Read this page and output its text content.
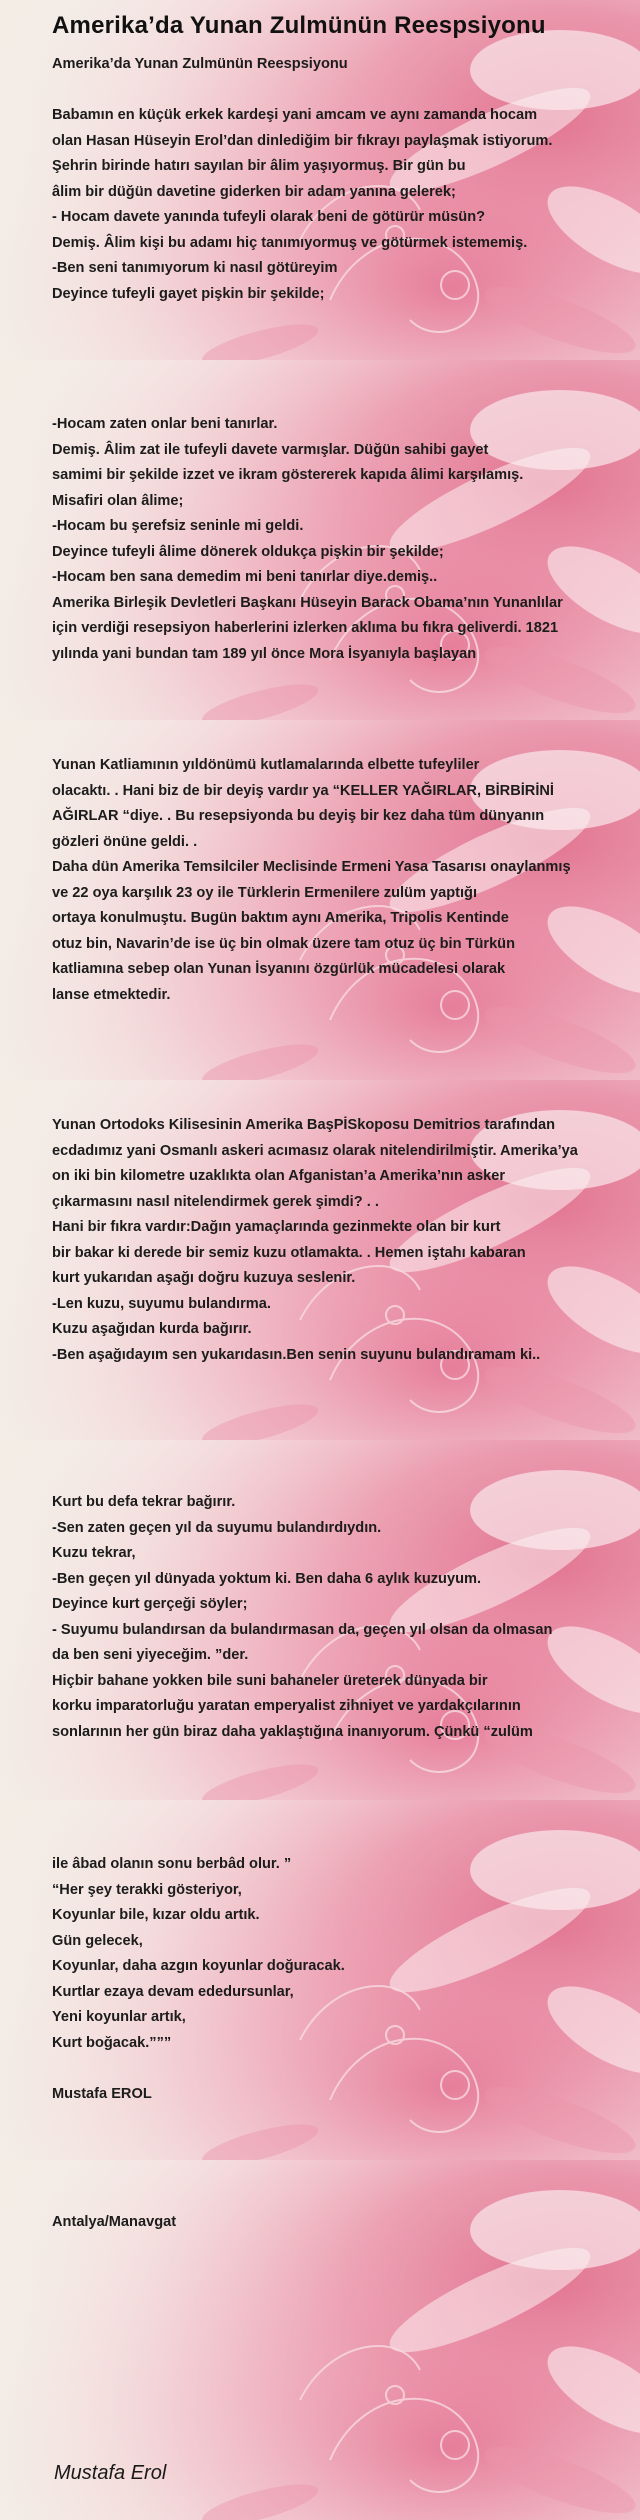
Amerika’da Yunan Zulmünün Reespsiyonu

Amerika’da Yunan Zulmünün Reespsiyonu

Babamın en küçük erkek kardeşi yani amcam ve aynı zamanda hocam

olan Hasan Hüseyin Erol’dan dinlediğim bir fıkrayı paylaşmak istiyorum.

Şehrin birinde hatırı sayılan bir âlim yaşıyormuş. Bir gün bu

âlim bir düğün davetine giderken bir adam yanına gelerek;

- Hocam davete yanında tufeyli olarak beni de götürür müsün?

Demiş. Âlim kişi bu adamı hiç tanımıyormuş ve götürmek istememiş.

-Ben seni tanımıyorum ki nasıl götüreyim

Deyince tufeyli gayet pişkin bir şekilde;

-Hocam zaten onlar beni tanırlar.

Demiş. Âlim zat ile tufeyli davete varmışlar. Düğün sahibi gayet

samimi bir şekilde izzet ve ikram göstererek kapıda âlimi karşılamış.

Misafiri olan âlime;

-Hocam bu şerefsiz seninle mi geldi.

Deyince tufeyli âlime dönerek oldukça pişkin bir şekilde;

-Hocam ben sana demedim mi beni tanırlar diye.demiş..

Amerika Birleşik Devletleri Başkanı Hüseyin Barack Obama’nın Yunanlılar

için verdiği resepsiyon haberlerini izlerken aklıma bu fıkra geliverdi. 1821

yılında yani bundan tam 189 yıl önce Mora İsyanıyla başlayan

Yunan Katliamının yıldönümü kutlamalarında elbette tufeyliler

olacaktı. . Hani biz de bir deyiş vardır ya “KELLER YAĞIRLAR, BİRBİRİNİ

AĞIRLAR “diye. . Bu resepsiyonda bu deyiş bir kez daha tüm dünyanın

gözleri önüne geldi. .

Daha dün Amerika Temsilciler Meclisinde Ermeni Yasa Tasarısı onaylanmış

ve 22 oya karşılık 23 oy ile Türklerin Ermenilere zulüm yaptığı

ortaya konulmuştu. Bugün baktım aynı Amerika, Tripolis Kentinde

otuz bin, Navarin’de ise üç bin olmak üzere tam otuz üç bin Türkün

katliamına sebep olan Yunan İsyanını özgürlük mücadelesi olarak

lanse etmektedir.

Yunan Ortodoks Kilisesinin Amerika BaşPİSkoposu Demitrios tarafından

ecdadımız yani Osmanlı askeri acımasız olarak nitelendirilmiştir. Amerika’ya

on iki bin kilometre uzaklıkta olan Afganistan’a Amerika’nın asker

çıkarmasını nasıl nitelendirmek gerek şimdi? . .

Hani bir fıkra vardır:Dağın yamaçlarında gezinmekte olan bir kurt

bir bakar ki derede bir semiz kuzu otlamakta. . Hemen iştahı kabaran

kurt yukarıdan aşağı doğru kuzuya seslenir.

-Len kuzu, suyumu bulandırma.

Kuzu aşağıdan kurda bağırır.

-Ben aşağıdayım sen yukarıdasın.Ben senin suyunu bulandıramam ki..

Kurt bu defa tekrar bağırır.

-Sen zaten geçen yıl da suyumu bulandırdıydın.

Kuzu tekrar,

-Ben geçen yıl dünyada yoktum ki. Ben daha 6 aylık kuzuyum.

Deyince kurt gerçeği söyler;

- Suyumu bulandırsan da bulandırmasan da, geçen yıl olsan da olmasan

da ben seni yiyeceğim. ”der.

Hiçbir bahane yokken bile suni bahaneler üreterek dünyada bir

korku imparatorluğu yaratan emperyalist zihniyet ve yardakçılarının

sonlarının her gün biraz daha yaklaştığına inanıyorum. Çünkü “zulüm

ile âbad olanın sonu berbâd olur. ”

“Her şey terakki gösteriyor,

Koyunlar bile, kızar oldu artık.

Gün gelecek,

Koyunlar, daha azgın koyunlar doğuracak.

Kurtlar ezaya devam ededursunlar,

Yeni koyunlar artık,

Kurt boğacak.”””

Mustafa EROL

Antalya/Manavgat

Mustafa Erol
